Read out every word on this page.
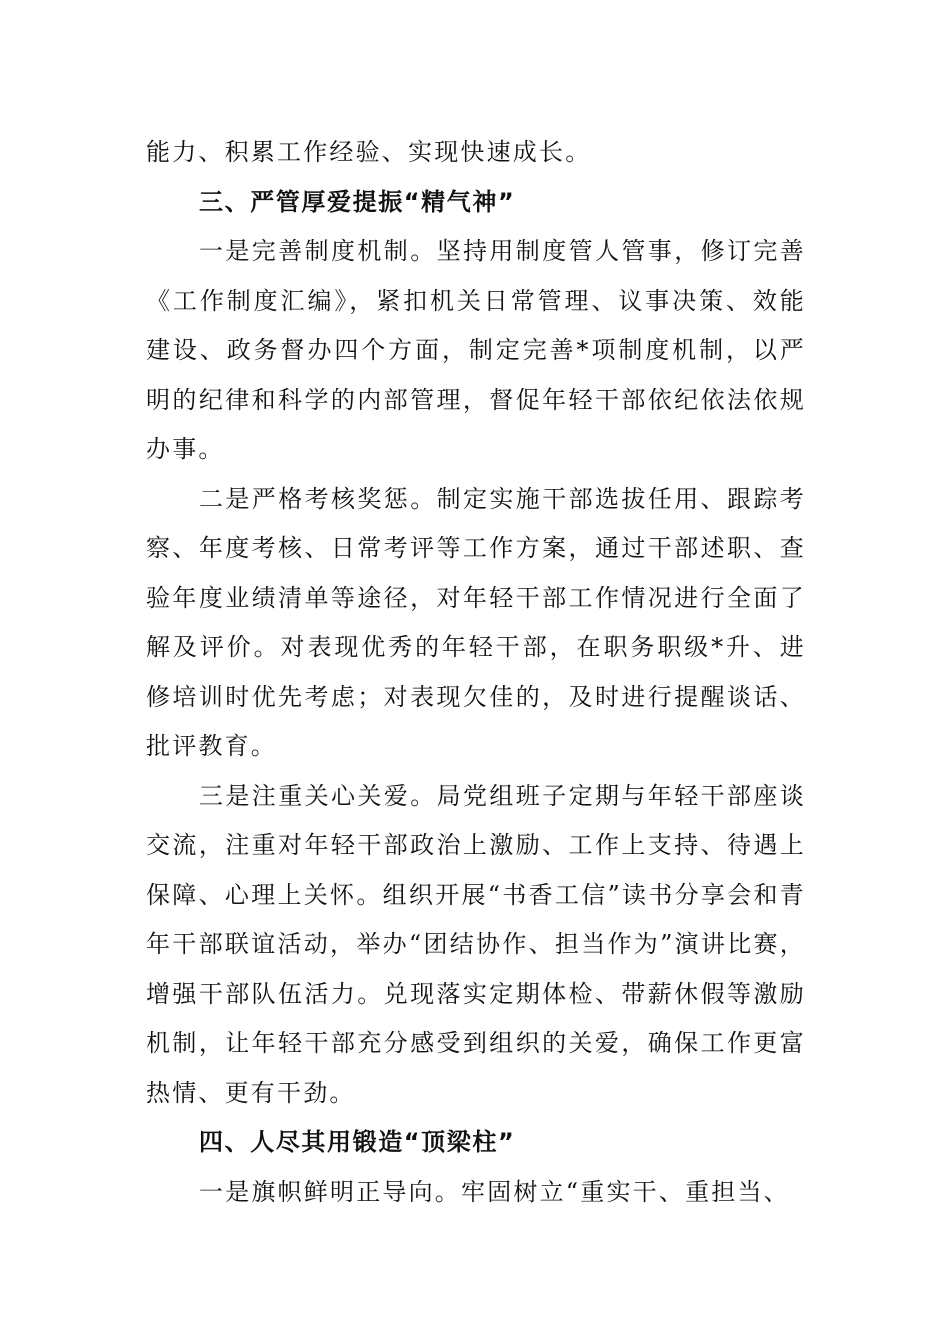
能力、积累工作经验、实现快速成长。

三、严管厚爱提振“精气神”

一是完善制度机制。坚持用制度管人管事，修订完善《工作制度汇编》，紧扣机关日常管理、议事决策、效能建设、政务督办四个方面，制定完善*项制度机制，以严明的纪律和科学的内部管理，督促年轻干部依纪依法依规办事。

二是严格考核奖惩。制定实施干部选拔任用、跟踪考察、年度考核、日常考评等工作方案，通过干部述职、查验年度业绩清单等途径，对年轻干部工作情况进行全面了解及评价。对表现优秀的年轻干部，在职务职级*升、进修培训时优先考虑；对表现欠佳的，及时进行提醒谈话、批评教育。

三是注重关心关爱。局党组班子定期与年轻干部座谈交流，注重对年轻干部政治上激励、工作上支持、待遇上保障、心理上关怀。组织开展“书香工信”读书分享会和青年干部联谊活动，举办“团结协作、担当作为”演讲比赛，增强干部队伍活力。兑现落实定期体检、带薪休假等激励机制，让年轻干部充分感受到组织的关爱，确保工作更富热情、更有干劲。

四、人尽其用锻造“顶梁柱”

一是旗帜鲜明正导向。牢固树立“重实干、重担当、
